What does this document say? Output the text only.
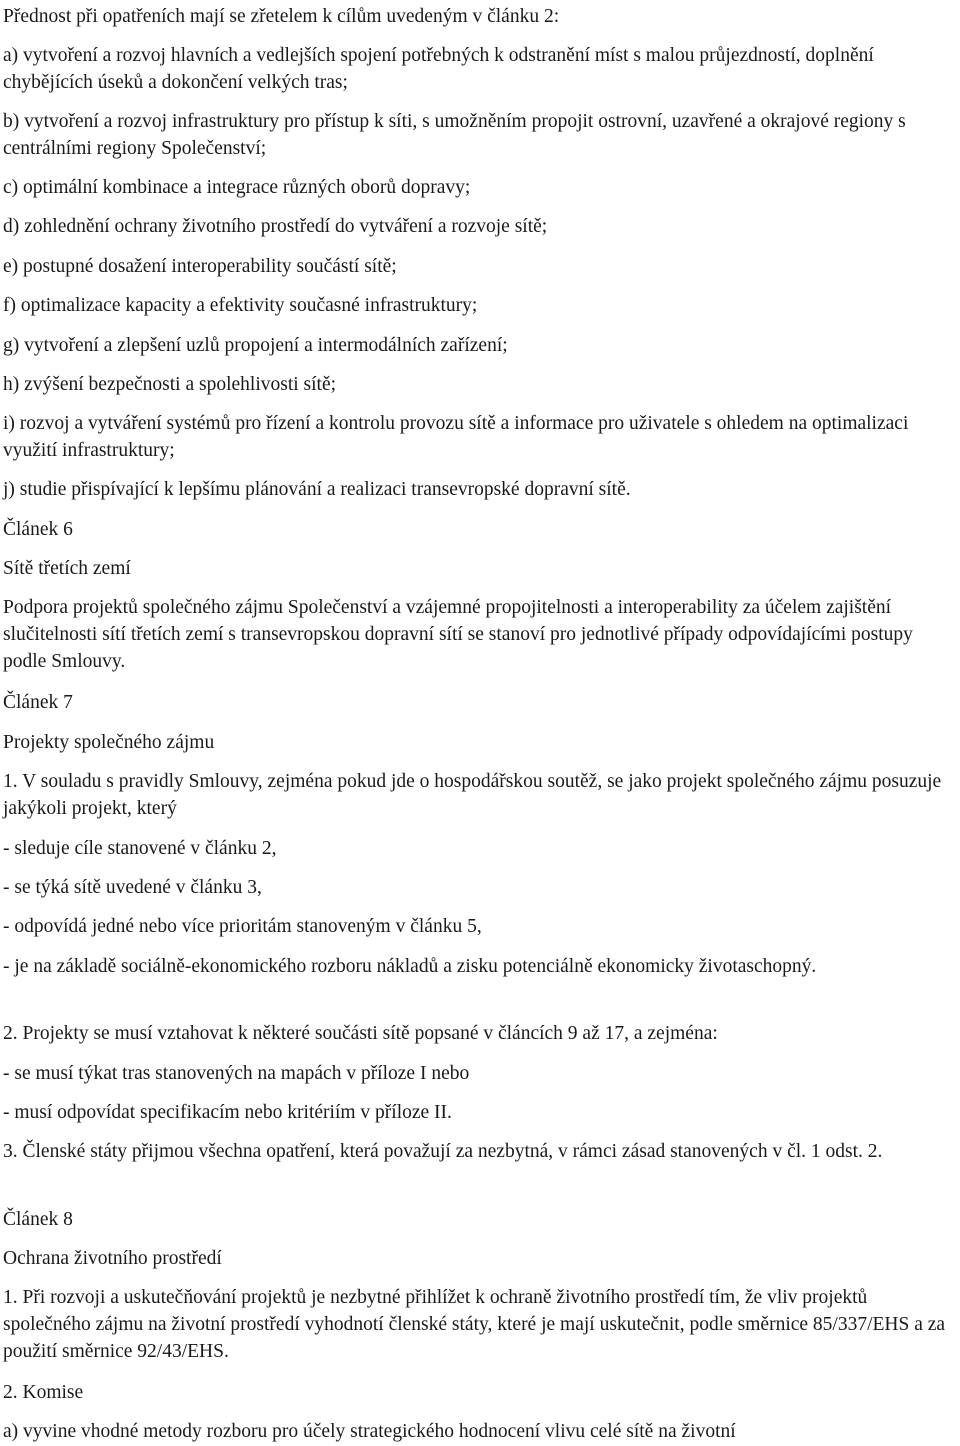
Přednost při opatřeních mají se zřetelem k cílům uvedeným v článku 2:

a) vytvoření a rozvoj hlavních a vedlejších spojení potřebných k odstranění míst s malou průjezdností, doplnění chybějících úseků a dokončení velkých tras;

b) vytvoření a rozvoj infrastruktury pro přístup k síti, s umožněním propojit ostrovní, uzavřené a okrajové regiony s centrálními regiony Společenství;

c) optimální kombinace a integrace různých oborů dopravy;

d) zohlednění ochrany životního prostředí do vytváření a rozvoje sítě;

e) postupné dosažení interoperability součástí sítě;

f) optimalizace kapacity a efektivity současné infrastruktury;

g) vytvoření a zlepšení uzlů propojení a intermodálních zařízení;

h) zvýšení bezpečnosti a spolehlivosti sítě;

i) rozvoj a vytváření systémů pro řízení a kontrolu provozu sítě a informace pro uživatele s ohledem na optimalizaci využití infrastruktury;

j) studie přispívající k lepšímu plánování a realizaci transevropské dopravní sítě.

Článek 6

Sítě třetích zemí

Podpora projektů společného zájmu Společenství a vzájemné propojitelnosti a interoperability za účelem zajištění slučitelnosti sítí třetích zemí s transevropskou dopravní sítí se stanoví pro jednotlivé případy odpovídajícími postupy podle Smlouvy.

Článek 7

Projekty společného zájmu

1. V souladu s pravidly Smlouvy, zejména pokud jde o hospodářskou soutěž, se jako projekt společného zájmu posuzuje jakýkoli projekt, který

- sleduje cíle stanovené v článku 2,

- se týká sítě uvedené v článku 3,

- odpovídá jedné nebo více prioritám stanoveným v článku 5,

- je na základě sociálně-ekonomického rozboru nákladů a zisku potenciálně ekonomicky životaschopný.

2. Projekty se musí vztahovat k některé součásti sítě popsané v článcích 9 až 17, a zejména:

- se musí týkat tras stanovených na mapách v příloze I nebo

- musí odpovídat specifikacím nebo kritériím v příloze II.

3. Členské státy přijmou všechna opatření, která považují za nezbytná, v rámci zásad stanovených v čl. 1 odst. 2.

Článek 8

Ochrana životního prostředí

1. Při rozvoji a uskutečňování projektů je nezbytné přihlížet k ochraně životního prostředí tím, že vliv projektů společného zájmu na životní prostředí vyhodnotí členské státy, které je mají uskutečnit, podle směrnice 85/337/EHS a za použití směrnice 92/43/EHS.

2. Komise

a) vyvine vhodné metody rozboru pro účely strategického hodnocení vlivu celé sítě na životní
